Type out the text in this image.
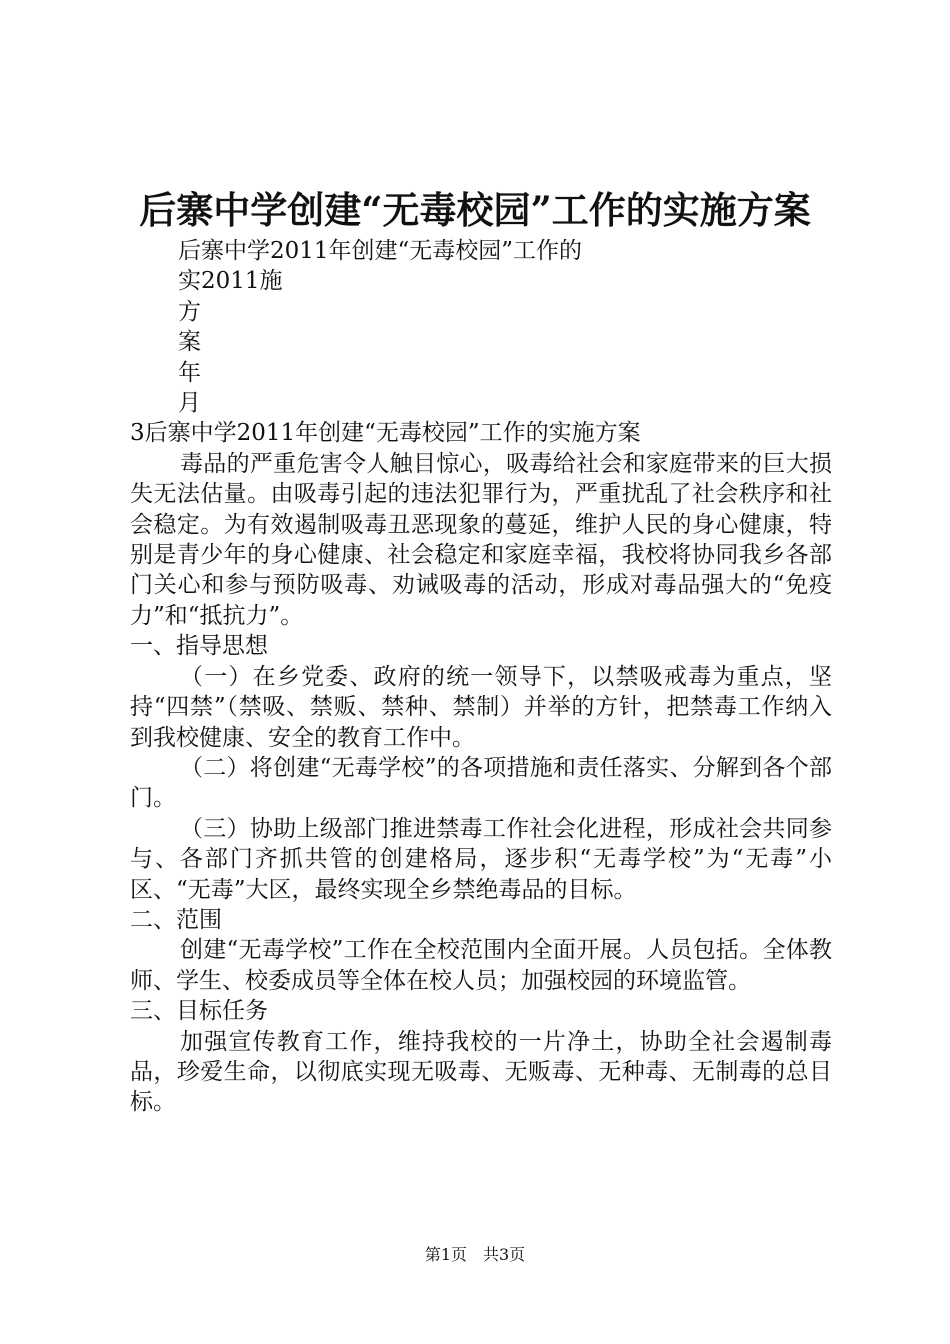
后寨中学创建“无毒校园”工作的实施方案

后寨中学2011年创建“无毒校园”工作的

实2011施

方

案

年

月

3后寨中学2011年创建“无毒校园”工作的实施方案

毒品的严重危害令人触目惊心，吸毒给社会和家庭带来的巨大损失无法估量。由吸毒引起的违法犯罪行为，严重扰乱了社会秩序和社会稳定。为有效遏制吸毒丑恶现象的蔓延，维护人民的身心健康，特别是青少年的身心健康、社会稳定和家庭幸福，我校将协同我乡各部门关心和参与预防吸毒、劝诫吸毒的活动，形成对毒品强大的“免疫力”和“抵抗力”。

一、指导思想

（一）在乡党委、政府的统一领导下，以禁吸戒毒为重点，坚持“四禁”（禁吸、禁贩、禁种、禁制）并举的方针，把禁毒工作纳入到我校健康、安全的教育工作中。

（二）将创建“无毒学校”的各项措施和责任落实、分解到各个部门。

（三）协助上级部门推进禁毒工作社会化进程，形成社会共同参与、各部门齐抓共管的创建格局，逐步积“无毒学校”为“无毒”小区、“无毒”大区，最终实现全乡禁绝毒品的目标。

二、范围

创建“无毒学校”工作在全校范围内全面开展。人员包括。全体教师、学生、校委成员等全体在校人员；加强校园的环境监管。

三、目标任务

加强宣传教育工作，维持我校的一片净土，协助全社会遏制毒品，珍爱生命，以彻底实现无吸毒、无贩毒、无种毒、无制毒的总目标。

第1页  共3页
